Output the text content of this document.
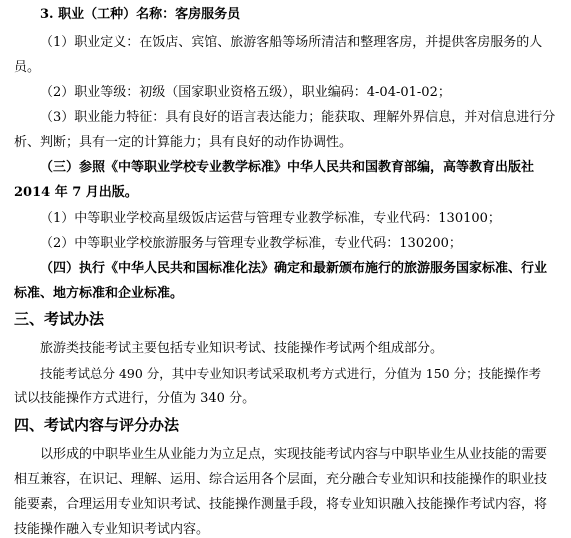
3. 职业（工种）名称：客房服务员
（1）职业定义：在饭店、宾馆、旅游客船等场所清洁和整理客房，并提供客房服务的人
员。
（2）职业等级：初级（国家职业资格五级），职业编码：4-04-01-02；
（3）职业能力特征：具有良好的语言表达能力；能获取、理解外界信息，并对信息进行分
析、判断；具有一定的计算能力；具有良好的动作协调性。
（三）参照《中等职业学校专业教学标准》中华人民共和国教育部编，高等教育出版社
2014 年 7 月出版。
（1）中等职业学校高星级饭店运营与管理专业教学标准，专业代码：130100；
（2）中等职业学校旅游服务与管理专业教学标准，专业代码：130200；
（四）执行《中华人民共和国标准化法》确定和最新颁布施行的旅游服务国家标准、行业
标准、地方标准和企业标准。
三、考试办法
旅游类技能考试主要包括专业知识考试、技能操作考试两个组成部分。
技能考试总分 490 分，其中专业知识考试采取机考方式进行，分值为 150 分；技能操作考
试以技能操作方式进行，分值为 340 分。
四、考试内容与评分办法
以形成的中职毕业生从业能力为立足点，实现技能考试内容与中职毕业生从业技能的需要
相互兼容，在识记、理解、运用、综合运用各个层面，充分融合专业知识和技能操作的职业技
能要素，合理运用专业知识考试、技能操作测量手段，将专业知识融入技能操作考试内容，将
技能操作融入专业知识考试内容。
